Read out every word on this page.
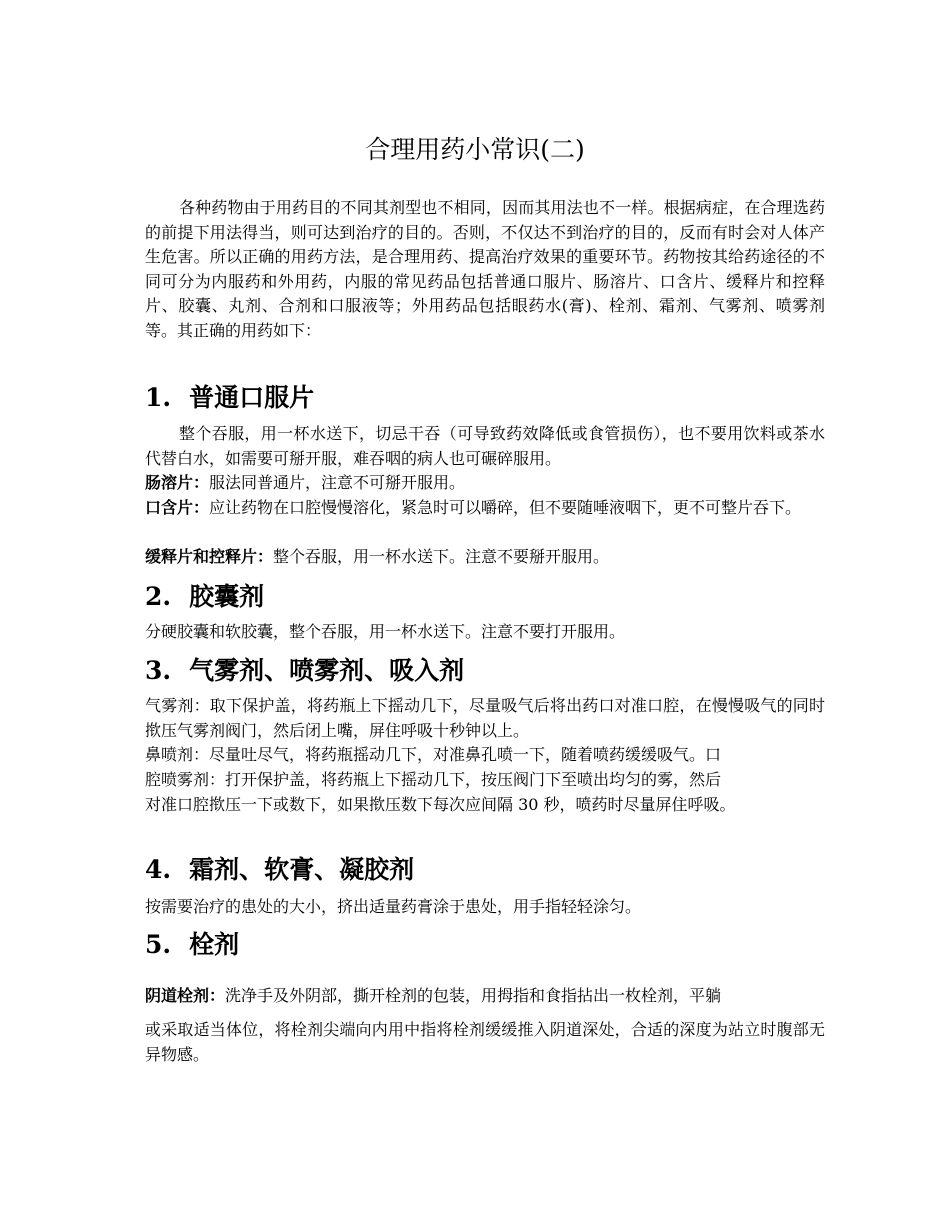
合理用药小常识(二)
各种药物由于用药目的不同其剂型也不相同，因而其用法也不一样。根据病症，在合理选药的前提下用法得当，则可达到治疗的目的。否则，不仅达不到治疗的目的，反而有时会对人体产生危害。所以正确的用药方法，是合理用药、提高治疗效果的重要环节。药物按其给药途径的不同可分为内服药和外用药，内服的常见药品包括普通口服片、肠溶片、口含片、缓释片和控释片、胶囊、丸剂、合剂和口服液等；外用药品包括眼药水(膏)、栓剂、霜剂、气雾剂、喷雾剂等。其正确的用药如下：
1. 普通口服片
整个吞服，用一杯水送下，切忌干吞（可导致药效降低或食管损伤），也不要用饮料或茶水代替白水，如需要可掰开服，难吞咽的病人也可碾碎服用。
肠溶片：服法同普通片，注意不可掰开服用。
口含片：应让药物在口腔慢慢溶化，紧急时可以嚼碎，但不要随唾液咽下，更不可整片吞下。
缓释片和控释片：整个吞服，用一杯水送下。注意不要掰开服用。
2. 胶囊剂
分硬胶囊和软胶囊，整个吞服，用一杯水送下。注意不要打开服用。
3. 气雾剂、喷雾剂、吸入剂
气雾剂：取下保护盖，将药瓶上下摇动几下，尽量吸气后将出药口对准口腔，在慢慢吸气的同时揿压气雾剂阀门，然后闭上嘴，屏住呼吸十秒钟以上。
鼻喷剂：尽量吐尽气，将药瓶摇动几下，对准鼻孔喷一下，随着喷药缓缓吸气。口
腔喷雾剂：打开保护盖，将药瓶上下摇动几下，按压阀门下至喷出均匀的雾，然后
对准口腔揿压一下或数下，如果揿压数下每次应间隔 30 秒，喷药时尽量屏住呼吸。
4. 霜剂、软膏、凝胶剂
按需要治疗的患处的大小，挤出适量药膏涂于患处，用手指轻轻涂匀。
5. 栓剂
阴道栓剂：洗净手及外阴部，撕开栓剂的包装，用拇指和食指拈出一枚栓剂，平躺
或采取适当体位，将栓剂尖端向内用中指将栓剂缓缓推入阴道深处，合适的深度为站立时腹部无异物感。
